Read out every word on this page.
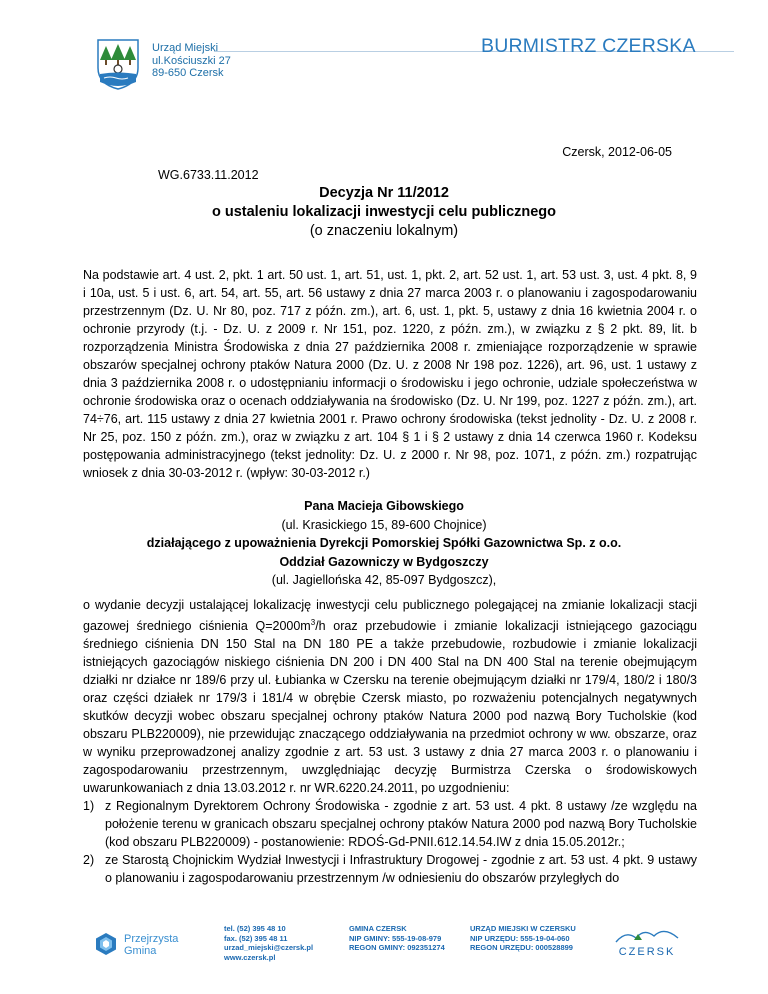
Urząd Miejski
ul.Kościuszki 27
89-650 Czersk
BURMISTRZ CZERSKA
Czersk, 2012-06-05
WG.6733.11.2012
Decyzja Nr 11/2012
o ustaleniu lokalizacji inwestycji celu publicznego
(o znaczeniu lokalnym)

Na podstawie art. 4 ust. 2, pkt. 1 art. 50 ust. 1, art. 51, ust. 1, pkt. 2, art. 52 ust. 1, art. 53 ust. 3, ust. 4 pkt. 8, 9 i 10a, ust. 5 i ust. 6, art. 54, art. 55, art. 56 ustawy z dnia 27 marca 2003 r. o planowaniu i zagospodarowaniu przestrzennym (Dz. U. Nr 80, poz. 717 z późn. zm.), art. 6, ust. 1, pkt. 5, ustawy z dnia 16 kwietnia 2004 r. o ochronie przyrody (t.j. - Dz. U. z 2009 r. Nr 151, poz. 1220, z późn. zm.), w związku z § 2 pkt. 89, lit. b rozporządzenia Ministra Środowiska z dnia 27 października 2008 r. zmieniające rozporządzenie w sprawie obszarów specjalnej ochrony ptaków Natura 2000 (Dz. U. z 2008 Nr 198 poz. 1226), art. 96, ust. 1 ustawy z dnia 3 października 2008 r. o udostępnianiu informacji o środowisku i jego ochronie, udziale społeczeństwa w ochronie środowiska oraz o ocenach oddziaływania na środowisko (Dz. U. Nr 199, poz. 1227 z późn. zm.), art. 74÷76, art. 115 ustawy z dnia 27 kwietnia 2001 r. Prawo ochrony środowiska (tekst jednolity - Dz. U. z 2008 r. Nr 25, poz. 150 z późn. zm.), oraz w związku z art. 104 § 1 i § 2 ustawy z dnia 14 czerwca 1960 r. Kodeksu postępowania administracyjnego (tekst jednolity: Dz. U. z 2000 r. Nr 98, poz. 1071, z późn. zm.) rozpatrując wniosek z dnia 30-03-2012 r. (wpływ: 30-03-2012 r.)

Pana Macieja Gibowskiego
(ul. Krasickiego 15, 89-600 Chojnice)
działającego z upoważnienia Dyrekcji Pomorskiej Spółki Gazownictwa Sp. z o.o.
Oddział Gazowniczy w Bydgoszczy
(ul. Jagiellońska 42, 85-097 Bydgoszcz),

o wydanie decyzji ustalającej lokalizację inwestycji celu publicznego polegającej na zmianie lokalizacji stacji gazowej średniego ciśnienia $Q=2000m^3/h$ oraz przebudowie i zmianie lokalizacji istniejącego gazociągu średniego ciśnienia DN 150 Stal na DN 180 PE a także przebudowie, rozbudowie i zmianie lokalizacji istniejących gazociągów niskiego ciśnienia DN 200 i DN 400 Stal na DN 400 Stal na terenie obejmującym działki nr działce nr 189/6 przy ul. Łubianka w Czersku na terenie obejmującym działki nr 179/4, 180/2 i 180/3 oraz części działek nr 179/3 i 181/4 w obrębie Czersk miasto, po rozważeniu potencjalnych negatywnych skutków decyzji wobec obszaru specjalnej ochrony ptaków Natura 2000 pod nazwą Bory Tucholskie (kod obszaru PLB220009), nie przewidując znaczącego oddziaływania na przedmiot ochrony w ww. obszarze, oraz w wyniku przeprowadzonej analizy zgodnie z art. 53 ust. 3 ustawy z dnia 27 marca 2003 r. o planowaniu i zagospodarowaniu przestrzennym, uwzględniając decyzję Burmistrza Czerska o środowiskowych uwarunkowaniach z dnia 13.03.2012 r. nr WR.6220.24.2011, po uzgodnieniu:

1) z Regionalnym Dyrektorem Ochrony Środowiska - zgodnie z art. 53 ust. 4 pkt. 8 ustawy /ze względu na położenie terenu w granicach obszaru specjalnej ochrony ptaków Natura 2000 pod nazwą Bory Tucholskie (kod obszaru PLB220009) - postanowienie: RDOŚ-Gd-PNII.612.14.54.IW z dnia 15.05.2012r.;
2) ze Starostą Chojnickim Wydział Inwestycji i Infrastruktury Drogowej - zgodnie z art. 53 ust. 4 pkt. 9 ustawy o planowaniu i zagospodarowaniu przestrzennym /w odniesieniu do obszarów przyległych do
Przejrzysta
Gmina
tel. (52) 395 48 10
fax. (52) 395 48 11
urzad_miejski@czersk.pl
www.czersk.pl
GMINA CZERSK
NIP GMINY: 555-19-08-979
REGON GMINY: 092351274
URZĄD MIEJSKI W CZERSKU
NIP URZĘDU: 555-19-04-060
REGON URZĘDU: 000528899	CZERSK
